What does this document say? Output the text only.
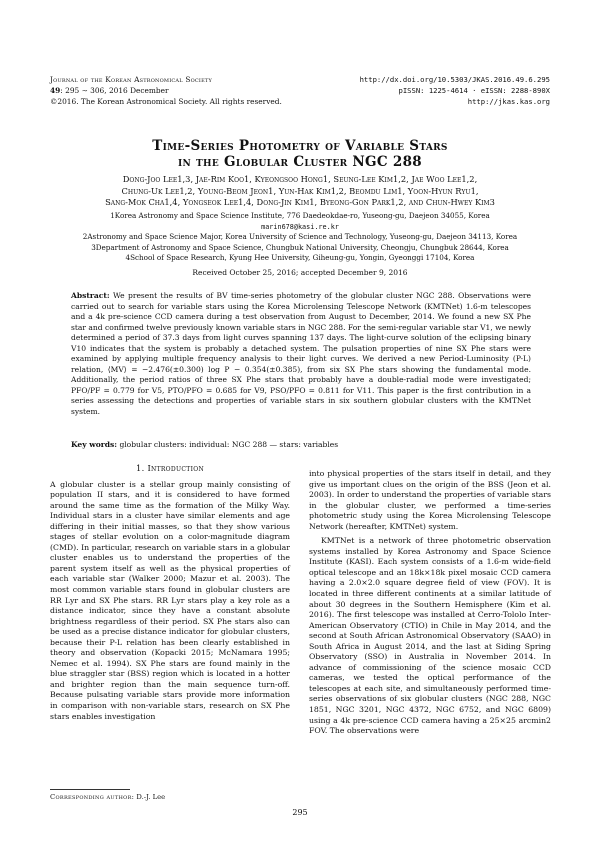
Journal of the Korean Astronomical Society
49: 295 ∼ 306, 2016 December
©2016. The Korean Astronomical Society. All rights reserved.
http://dx.doi.org/10.5303/JKAS.2016.49.6.295
pISSN: 1225-4614 · eISSN: 2288-890X
http://jkas.kas.org
Time-Series Photometry of Variable Stars
in the Globular Cluster NGC 288
Dong-Joo Lee1,3, Jae-Rim Koo1, Kyeongsoo Hong1, Seung-Lee Kim1,2, Jae Woo Lee1,2,
Chung-Uk Lee1,2, Young-Beom Jeon1, Yun-Hak Kim1,2, Beomdu Lim1, Yoon-Hyun Ryu1,
Sang-Mok Cha1,4, Yongseok Lee1,4, Dong-Jin Kim1, Byeong-Gon Park1,2, and Chun-Hwey Kim3
1Korea Astronomy and Space Science Institute, 776 Daedeokdae-ro, Yuseong-gu, Daejeon 34055, Korea
marin678@kasi.re.kr
2Astronomy and Space Science Major, Korea University of Science and Technology, Yuseong-gu, Daejeon 34113, Korea
3Department of Astronomy and Space Science, Chungbuk National University, Cheongju, Chungbuk 28644, Korea
4School of Space Research, Kyung Hee University, Giheung-gu, Yongin, Gyeonggi 17104, Korea
Received October 25, 2016; accepted December 9, 2016
Abstract: We present the results of BV time-series photometry of the globular cluster NGC 288. Observations were carried out to search for variable stars using the Korea Microlensing Telescope Network (KMTNet) 1.6-m telescopes and a 4k pre-science CCD camera during a test observation from August to December, 2014. We found a new SX Phe star and confirmed twelve previously known variable stars in NGC 288. For the semi-regular variable star V1, we newly determined a period of 37.3 days from light curves spanning 137 days. The light-curve solution of the eclipsing binary V10 indicates that the system is probably a detached system. The pulsation properties of nine SX Phe stars were examined by applying multiple frequency analysis to their light curves. We derived a new Period-Luminosity (P-L) relation, ⟨MV⟩ = −2.476(±0.300) log P − 0.354(±0.385), from six SX Phe stars showing the fundamental mode. Additionally, the period ratios of three SX Phe stars that probably have a double-radial mode were investigated; PFO/PF = 0.779 for V5, PTO/PFO = 0.685 for V9, PSO/PFO = 0.811 for V11. This paper is the first contribution in a series assessing the detections and properties of variable stars in six southern globular clusters with the KMTNet system.
Key words: globular clusters: individual: NGC 288 — stars: variables
1. Introduction

A globular cluster is a stellar group mainly consisting of population II stars, and it is considered to have formed around the same time as the formation of the Milky Way. Individual stars in a cluster have similar elements and age differing in their initial masses, so that they show various stages of stellar evolution on a color-magnitude diagram (CMD). In particular, research on variable stars in a globular cluster enables us to understand the properties of the parent system itself as well as the physical properties of each variable star (Walker 2000; Mazur et al. 2003). The most common variable stars found in globular clusters are RR Lyr and SX Phe stars. RR Lyr stars play a key role as a distance indicator, since they have a constant absolute brightness regardless of their period. SX Phe stars also can be used as a precise distance indicator for globular clusters, because their P-L relation has been clearly established in theory and observation (Kopacki 2015; McNamara 1995; Nemec et al. 1994). SX Phe stars are found mainly in the blue straggler star (BSS) region which is located in a hotter and brighter region than the main sequence turn-off. Because pulsating variable stars provide more information in comparison with non-variable stars, research on SX Phe stars enables investigation

into physical properties of the stars itself in detail, and they give us important clues on the origin of the BSS (Jeon et al. 2003). In order to understand the properties of variable stars in the globular cluster, we performed a time-series photometric study using the Korea Microlensing Telescope Network (hereafter, KMTNet) system.

KMTNet is a network of three photometric observation systems installed by Korea Astronomy and Space Science Institute (KASI). Each system consists of a 1.6-m wide-field optical telescope and an 18k×18k pixel mosaic CCD camera having a 2.0×2.0 square degree field of view (FOV). It is located in three different continents at a similar latitude of about 30 degrees in the Southern Hemisphere (Kim et al. 2016). The first telescope was installed at Cerro-Tololo Inter-American Observatory (CTIO) in Chile in May 2014, and the second at South African Astronomical Observatory (SAAO) in South Africa in August 2014, and the last at Siding Spring Observatory (SSO) in Australia in November 2014. In advance of commissioning of the science mosaic CCD cameras, we tested the optical performance of the telescopes at each site, and simultaneously performed time-series observations of six globular clusters (NGC 288, NGC 1851, NGC 3201, NGC 4372, NGC 6752, and NGC 6809) using a 4k pre-science CCD camera having a 25×25 arcmin2 FOV. The observations were

Corresponding author: D.-J. Lee
295
